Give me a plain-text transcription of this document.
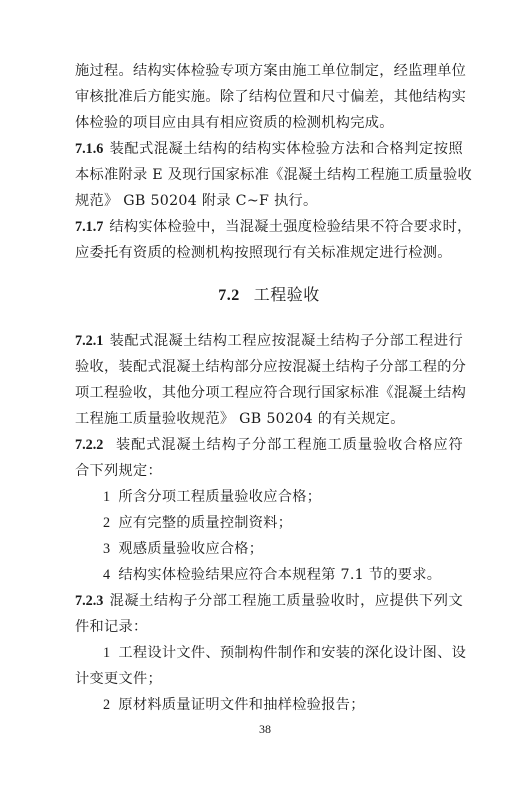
施过程。结构实体检验专项方案由施工单位制定，经监理单位
审核批准后方能实施。除了结构位置和尺寸偏差，其他结构实
体检验的项目应由具有相应资质的检测机构完成。
7.1.6 装配式混凝土结构的结构实体检验方法和合格判定按照
本标准附录 E 及现行国家标准《混凝土结构工程施工质量验收
规范》 GB 50204 附录 C~F 执行。
7.1.7 结构实体检验中，当混凝土强度检验结果不符合要求时，
应委托有资质的检测机构按照现行有关标准规定进行检测。
7.2 工程验收
7.2.1 装配式混凝土结构工程应按混凝土结构子分部工程进行
验收，装配式混凝土结构部分应按混凝土结构子分部工程的分
项工程验收，其他分项工程应符合现行国家标准《混凝土结构
工程施工质量验收规范》 GB 50204 的有关规定。
7.2.2 装配式混凝土结构子分部工程施工质量验收合格应符
合下列规定：
1 所含分项工程质量验收应合格；
2 应有完整的质量控制资料；
3 观感质量验收应合格；
4 结构实体检验结果应符合本规程第 7.1 节的要求。
7.2.3 混凝土结构子分部工程施工质量验收时，应提供下列文
件和记录：
1 工程设计文件、预制构件制作和安装的深化设计图、设
计变更文件；
2 原材料质量证明文件和抽样检验报告；
38
